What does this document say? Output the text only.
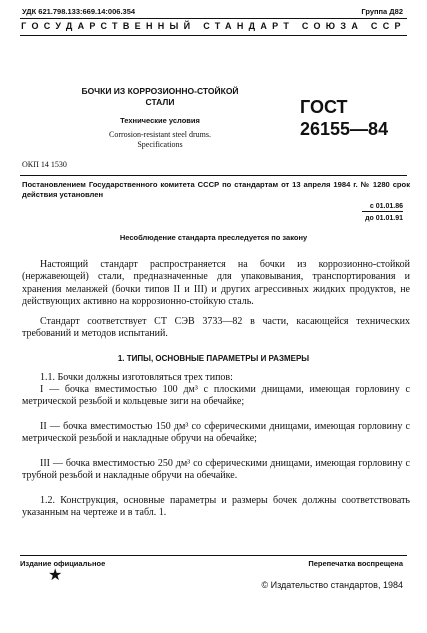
УДК 621.798.133:669.14:006.354	Группа Д82
ГОСУДАРСТВЕННЫЙ СТАНДАРТ СОЮЗА ССР
БОЧКИ ИЗ КОРРОЗИОННО-СТОЙКОЙ
СТАЛИ
Технические условия
Corrosion-resistant steel drums.
Specifications
ГОСТ
26155—84
ОКП 14 1530
Постановлением Государственного комитета СССР по стандартам от 13 апреля 1984 г. № 1280 срок действия установлен
с 01.01.86
до 01.01.91
Несоблюдение стандарта преследуется по закону
Настоящий стандарт распространяется на бочки из коррозионно-стойкой (нержавеющей) стали, предназначенные для упаковывания, транспортирования и хранения меланжей (бочки типов II и III) и других агрессивных жидких продуктов, не действующих активно на коррозионно-стойкую сталь.
Стандарт соответствует СТ СЭВ 3733—82 в части, касающейся технических требований и методов испытаний.
1. ТИПЫ, ОСНОВНЫЕ ПАРАМЕТРЫ И РАЗМЕРЫ
1.1. Бочки должны изготовляться трех типов:
I — бочка вместимостью 100 дм³ с плоскими днищами, имеющая горловину с метрической резьбой и кольцевые зиги на обечайке;
II — бочка вместимостью 150 дм³ со сферическими днищами, имеющая горловину с метрической резьбой и накладные обручи на обечайке;
III — бочка вместимостью 250 дм³ со сферическими днищами, имеющая горловину с трубной резьбой и накладные обручи на обечайке.
1.2. Конструкция, основные параметры и размеры бочек должны соответствовать указанным на чертеже и в табл. 1.
Издание официальное	Перепечатка воспрещена
★
© Издательство стандартов, 1984
